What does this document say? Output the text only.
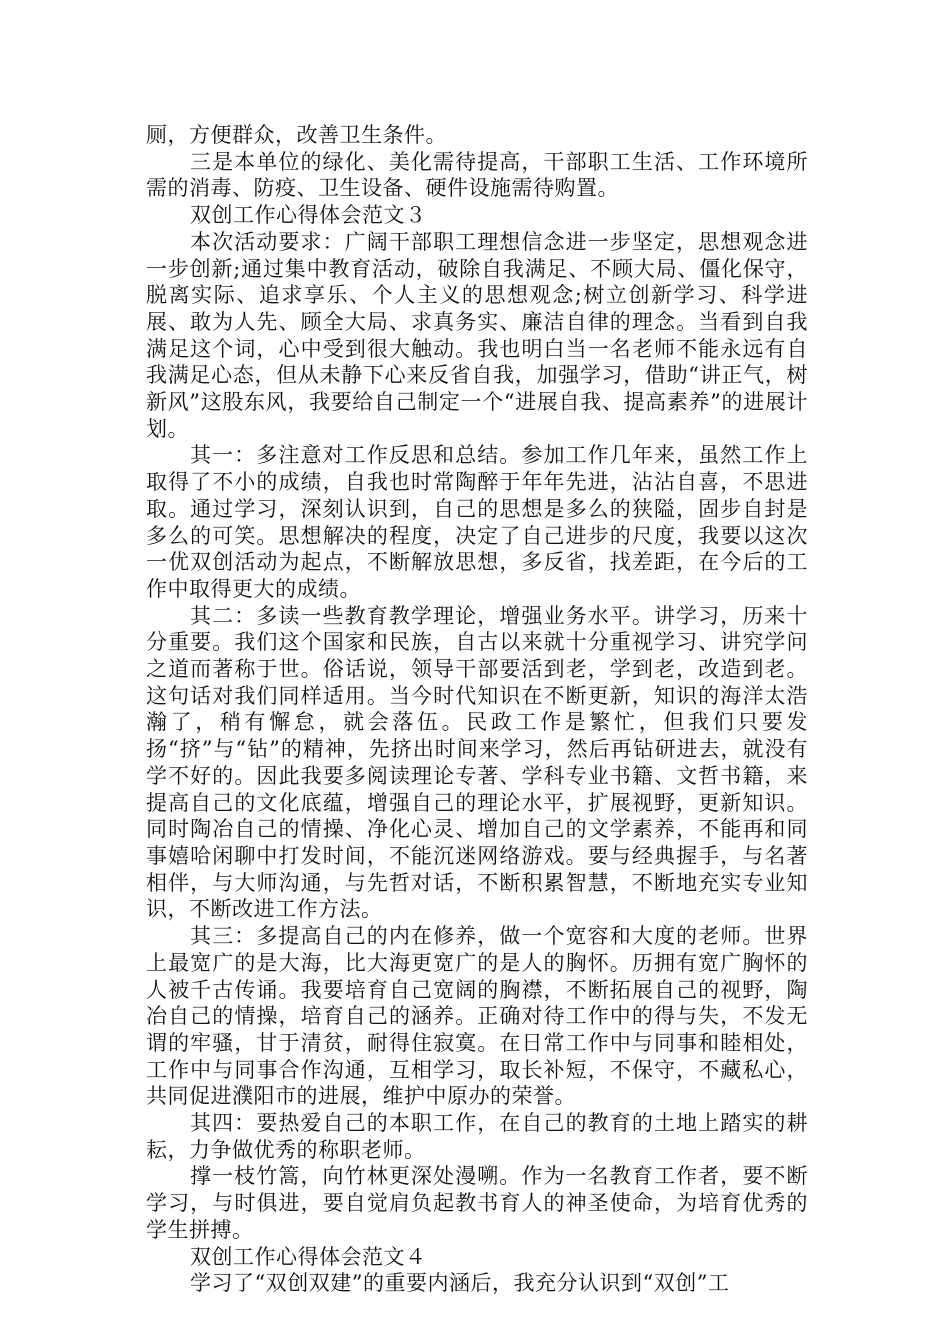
厕，方便群众，改善卫生条件。

三是本单位的绿化、美化需待提高，干部职工生活、工作环境所需的消毒、防疫、卫生设备、硬件设施需待购置。

双创工作心得体会范文３

本次活动要求：广阔干部职工理想信念进一步坚定，思想观念进一步创新;通过集中教育活动，破除自我满足、不顾大局、僵化保守，脱离实际、追求享乐、个人主义的思想观念;树立创新学习、科学进展、敢为人先、顾全大局、求真务实、廉洁自律的理念。当看到自我满足这个词，心中受到很大触动。我也明白当一名老师不能永远有自我满足心态，但从未静下心来反省自我，加强学习，借助“讲正气，树新风”这股东风，我要给自己制定一个“进展自我、提高素养”的进展计划。

其一：多注意对工作反思和总结。参加工作几年来，虽然工作上取得了不小的成绩，自我也时常陶醉于年年先进，沾沾自喜，不思进取。通过学习，深刻认识到，自己的思想是多么的狭隘，固步自封是多么的可笑。思想解决的程度，决定了自己进步的尺度，我要以这次一优双创活动为起点，不断解放思想，多反省，找差距，在今后的工作中取得更大的成绩。

其二：多读一些教育教学理论，增强业务水平。讲学习，历来十分重要。我们这个国家和民族，自古以来就十分重视学习、讲究学问之道而著称于世。俗话说，领导干部要活到老，学到老，改造到老。这句话对我们同样适用。当今时代知识在不断更新，知识的海洋太浩瀚了，稍有懈怠，就会落伍。民政工作是繁忙，但我们只要发扬“挤”与“钻”的精神，先挤出时间来学习，然后再钻研进去，就没有学不好的。因此我要多阅读理论专著、学科专业书籍、文哲书籍，来提高自己的文化底蕴，增强自己的理论水平，扩展视野，更新知识。同时陶冶自己的情操、净化心灵、增加自己的文学素养，不能再和同事嬉哈闲聊中打发时间，不能沉迷网络游戏。要与经典握手，与名著相伴，与大师沟通，与先哲对话，不断积累智慧，不断地充实专业知识，不断改进工作方法。

其三：多提高自己的内在修养，做一个宽容和大度的老师。世界上最宽广的是大海，比大海更宽广的是人的胸怀。历拥有宽广胸怀的人被千古传诵。我要培育自己宽阔的胸襟，不断拓展自己的视野，陶冶自己的情操，培育自己的涵养。正确对待工作中的得与失，不发无谓的牢骚，甘于清贫，耐得住寂寞。在日常工作中与同事和睦相处，工作中与同事合作沟通，互相学习，取长补短，不保守，不藏私心，共同促进濮阳市的进展，维护中原办的荣誉。

其四：要热爱自己的本职工作，在自己的教育的土地上踏实的耕耘，力争做优秀的称职老师。

撑一枝竹篙，向竹林更深处漫嗍。作为一名教育工作者，要不断学习，与时俱进，要自觉肩负起教书育人的神圣使命，为培育优秀的学生拼搏。

双创工作心得体会范文４

学习了“双创双建”的重要内涵后，我充分认识到“双创”工
